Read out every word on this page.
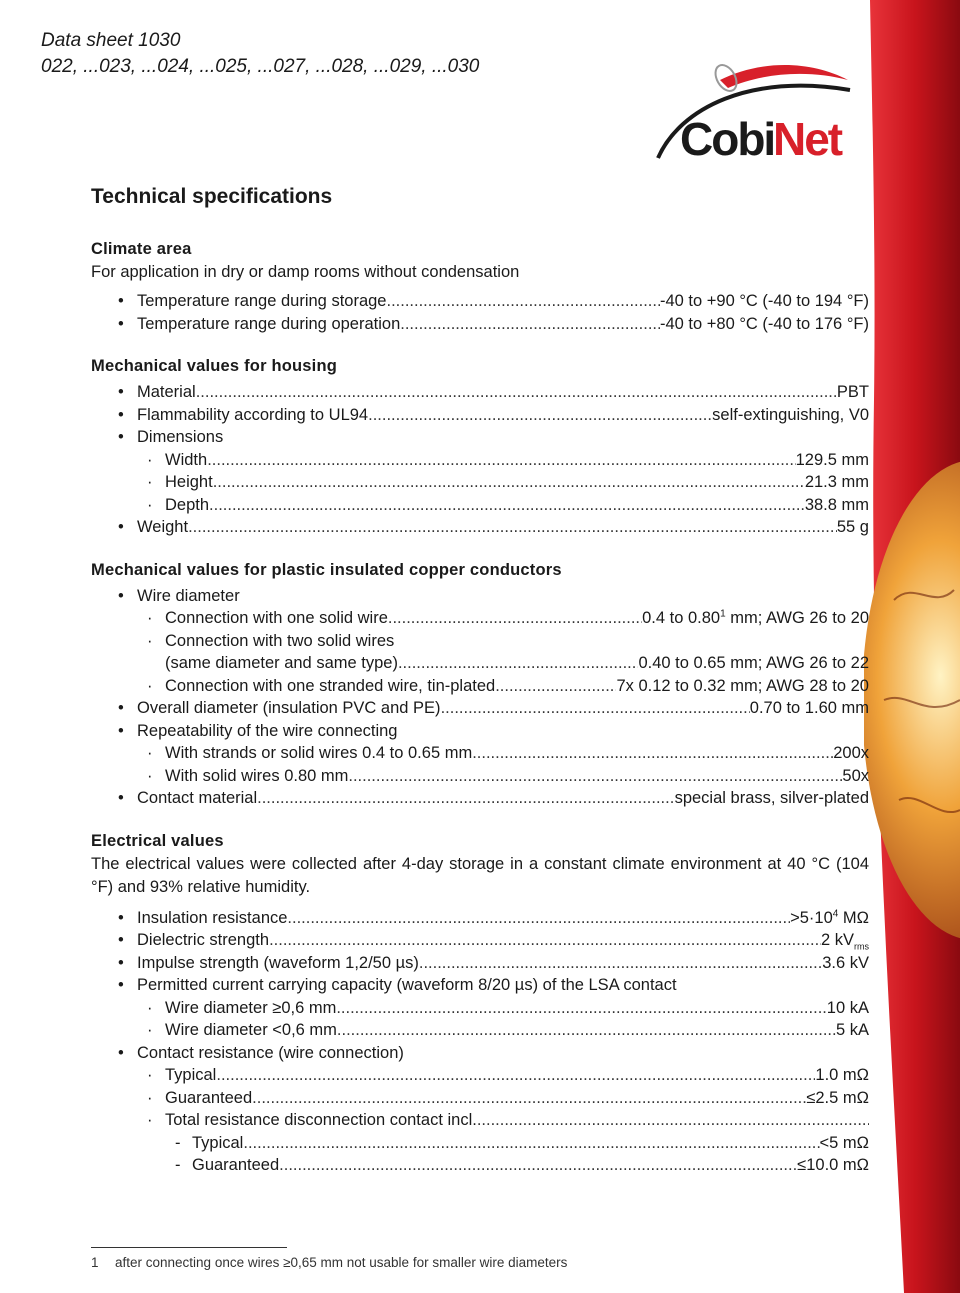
Data sheet 1030
022, ...023, ...024, ...025, ...027, ...028, ...029, ...030
Cobi
Net
Technical specifications
Climate area

For application in dry or damp rooms without condensation

• Temperature range during storage .....	-40 to +90 °C (-40 to 194 °F)
• Temperature range during operation .....	-40 to +80 °C (-40 to 176 °F)
Mechanical values for housing
• Material .....	PBT
• Flammability according to UL94 .....	self-extinguishing, V0
• Dimensions
· Width .....	129.5 mm
· Height .....	21.3 mm
· Depth .....	38.8 mm
• Weight .....	55 g
Mechanical values for plastic insulated copper conductors
• Wire diameter
· Connection with one solid wire .....	0.4 to 0.80$^1$ mm; AWG 26 to 20
· Connection with two solid wires
(same diameter and same type) .....	0.40 to 0.65 mm; AWG 26 to 22
· Connection with one stranded wire, tin-plated .....	7x 0.12 to 0.32 mm; AWG 28 to 20
• Overall diameter (insulation PVC and PE) .....	0.70 to 1.60 mm
• Repeatability of the wire connecting
· With strands or solid wires 0.4 to 0.65 mm .....	200x
· With solid wires 0.80 mm .....	50x
• Contact material .....	special brass, silver-plated
Electrical values

The electrical values were collected after 4-day storage in a constant climate environment at 40 °C (104 °F) and 93% relative humidity.

• Insulation resistance .....	$>5\cdot 10^4$ MΩ
• Dielectric strength .....	2 $kV_{rms}$
• Impulse strength (waveform 1,2/50 µs) .....	3.6 kV
• Permitted current carrying capacity (waveform 8/20 µs) of the LSA contact
· Wire diameter ≥0,6 mm .....	10 kA
· Wire diameter <0,6 mm .....	5 kA
• Contact resistance (wire connection)
· Typical .....	1.0 mΩ
· Guaranteed .....	≤2.5 mΩ
· Total resistance disconnection contact incl.
.....
- Typical .....	<5 mΩ
- Guaranteed .....	≤10.0 mΩ
1 after connecting once wires ≥0,65 mm not usable for smaller wire diameters
